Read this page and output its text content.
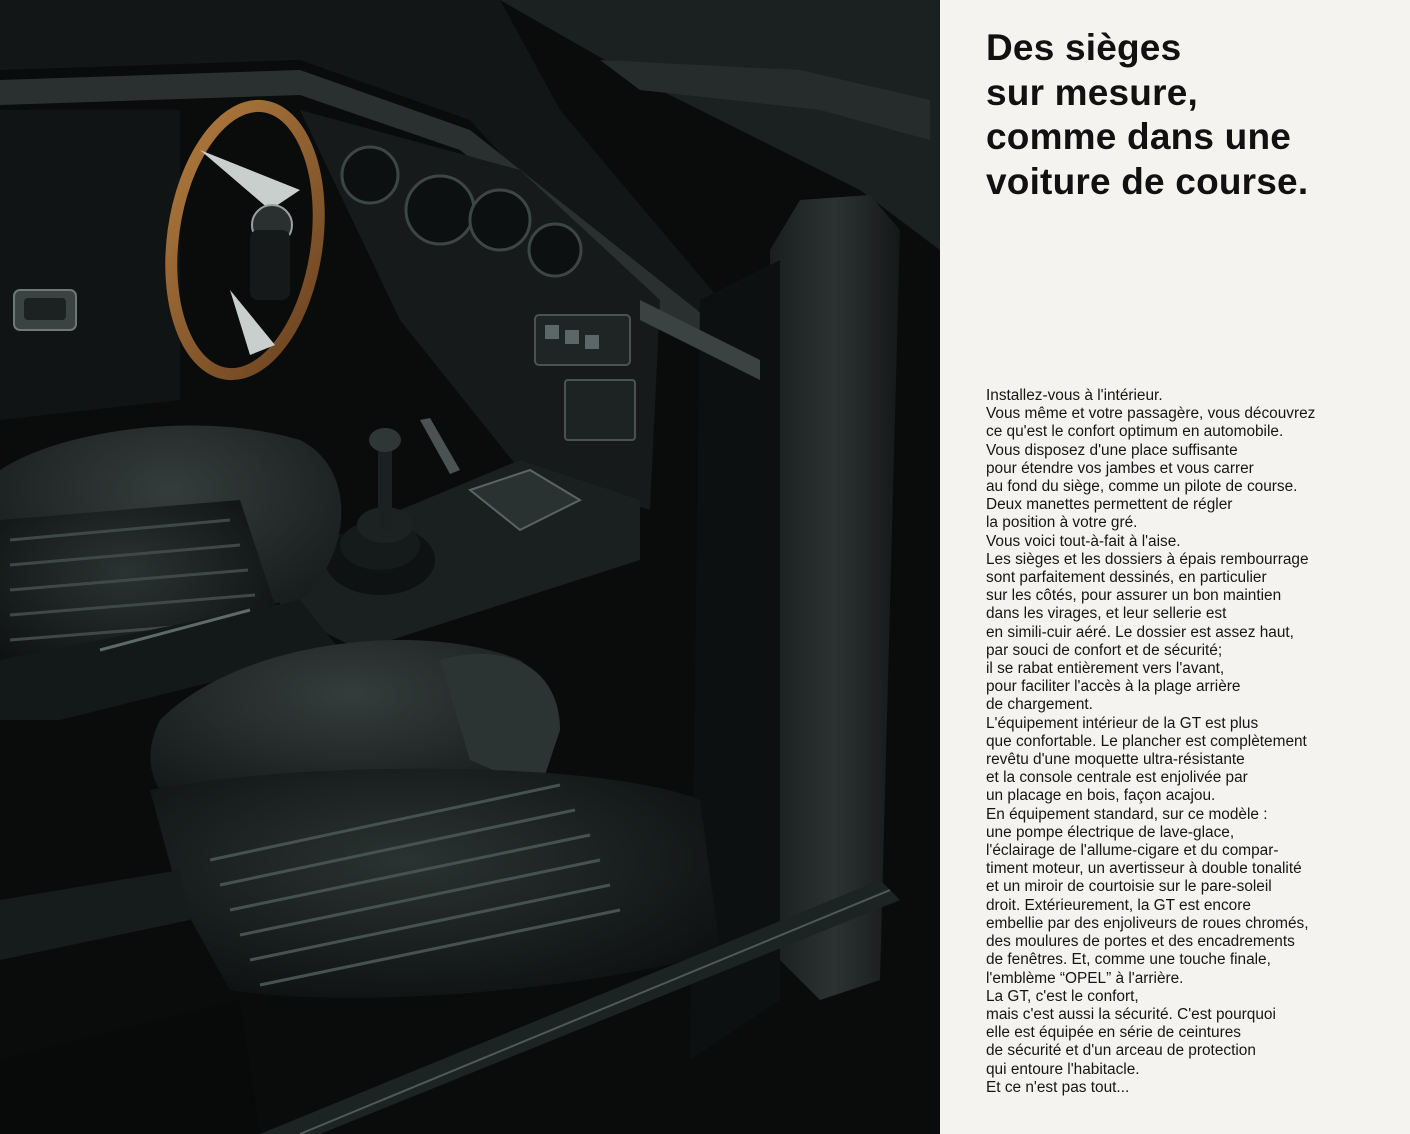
Des sièges
sur mesure,
comme dans une
voiture de course.

Installez-vous à l'intérieur.
Vous même et votre passagère, vous découvrez
ce qu'est le confort optimum en automobile.
Vous disposez d'une place suffisante
pour étendre vos jambes et vous carrer
au fond du siège, comme un pilote de course.
Deux manettes permettent de régler
la position à votre gré.
Vous voici tout-à-fait à l'aise.
Les sièges et les dossiers à épais rembourrage
sont parfaitement dessinés, en particulier
sur les côtés, pour assurer un bon maintien
dans les virages, et leur sellerie est
en simili-cuir aéré. Le dossier est assez haut,
par souci de confort et de sécurité;
il se rabat entièrement vers l'avant,
pour faciliter l'accès à la plage arrière
de chargement.
L'équipement intérieur de la GT est plus
que confortable. Le plancher est complètement
revêtu d'une moquette ultra-résistante
et la console centrale est enjolivée par
un placage en bois, façon acajou.
En équipement standard, sur ce modèle :
une pompe électrique de lave-glace,
l'éclairage de l'allume-cigare et du compar-
timent moteur, un avertisseur à double tonalité
et un miroir de courtoisie sur le pare-soleil
droit. Extérieurement, la GT est encore
embellie par des enjoliveurs de roues chromés,
des moulures de portes et des encadrements
de fenêtres. Et, comme une touche finale,
l'emblème “OPEL” à l'arrière.
La GT, c'est le confort,
mais c'est aussi la sécurité. C'est pourquoi
elle est équipée en série de ceintures
de sécurité et d'un arceau de protection
qui entoure l'habitacle.
Et ce n'est pas tout...
